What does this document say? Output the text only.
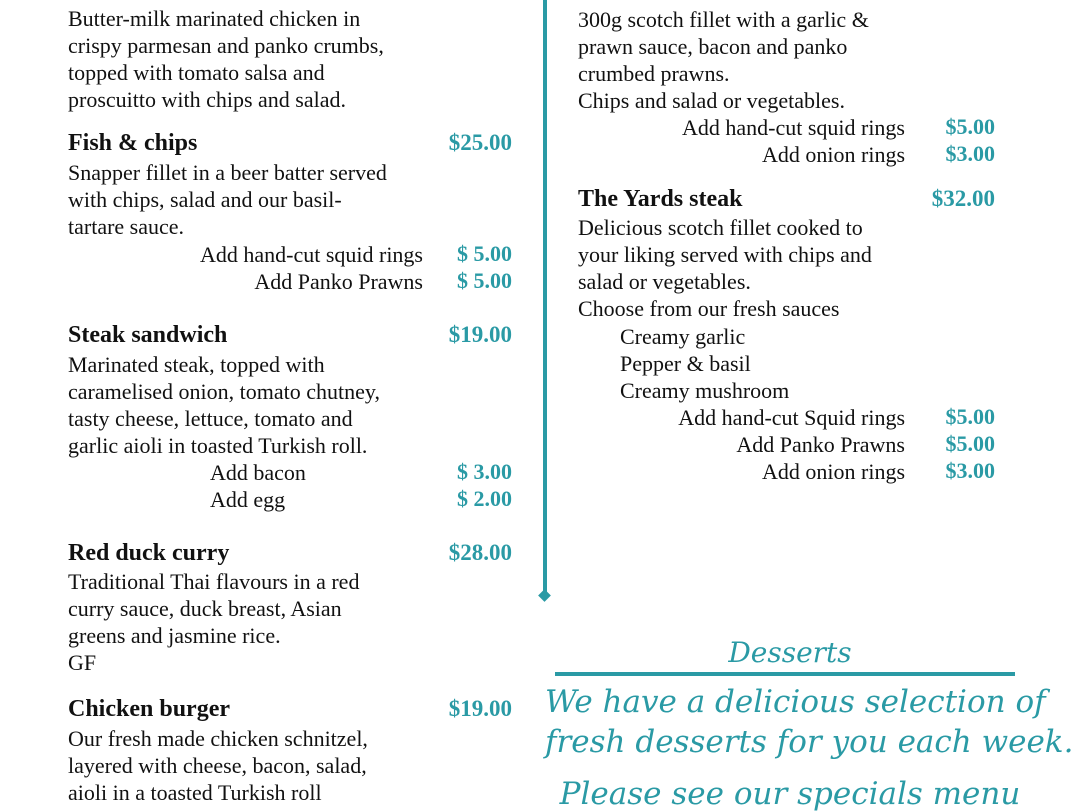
Butter-milk marinated chicken in
crispy parmesan and panko crumbs,
topped with tomato salsa and
proscuitto with chips and salad.
Fish & chips	$25.00
Snapper fillet in a beer batter served
with chips, salad and our basil-
tartare sauce.
Add hand-cut squid rings $ 5.00
Add Panko Prawns $ 5.00
Steak sandwich	$19.00
Marinated steak, topped with
caramelised onion, tomato chutney,
tasty cheese, lettuce, tomato and
garlic aioli in toasted Turkish roll.
Add bacon	$ 3.00
Add egg	$ 2.00
Red duck curry	$28.00
Traditional Thai flavours in a red
curry sauce, duck breast, Asian
greens and jasmine rice.
GF
Chicken burger	$19.00
Our fresh made chicken schnitzel,
layered with cheese, bacon, salad,
aioli in a toasted Turkish roll
300g scotch fillet with a garlic &
prawn sauce, bacon and panko
crumbed prawns.
Chips and salad or vegetables.
Add hand-cut squid rings $5.00
Add onion rings $3.00
The Yards steak	$32.00
Delicious scotch fillet cooked to
your liking served with chips and
salad or vegetables.
Choose from our fresh sauces
Creamy garlic
Pepper & basil
Creamy mushroom
Add hand-cut Squid rings $5.00
Add Panko Prawns $5.00
Add onion rings $3.00
Desserts
We have a delicious selection of
fresh desserts for you each week.
Please see our specials menu
